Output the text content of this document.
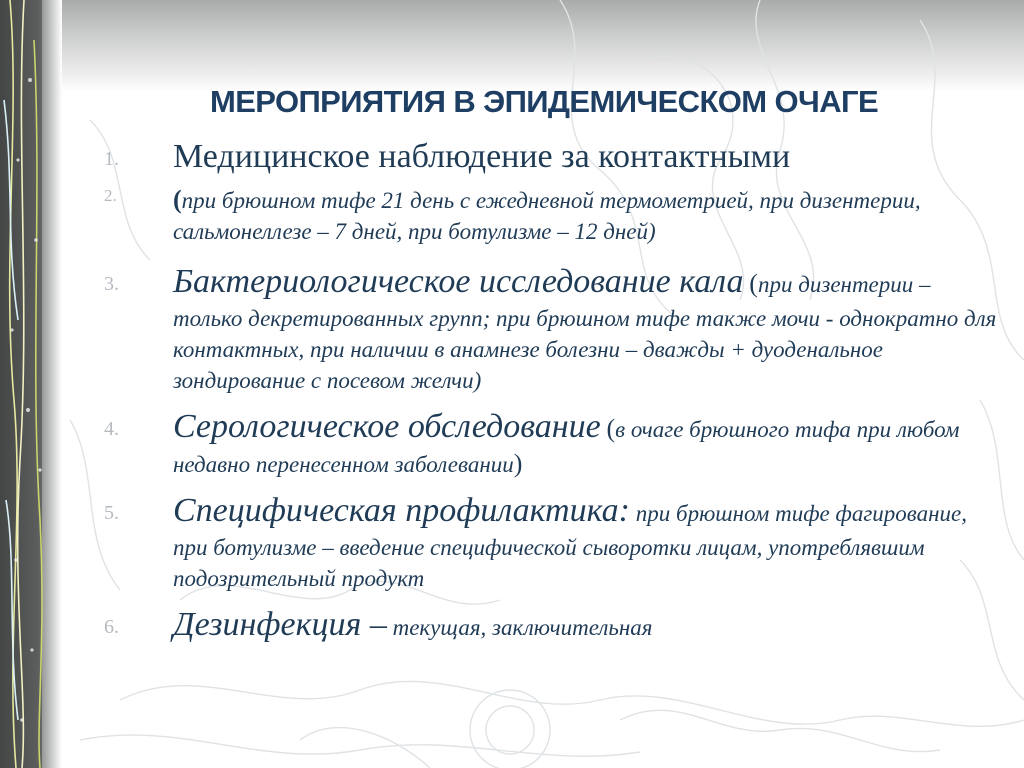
МЕРОПРИЯТИЯ В ЭПИДЕМИЧЕСКОМ ОЧАГЕ
1. Медицинское наблюдение за контактными
2. (при брюшном тифе 21 день с ежедневной термометрией, при дизентерии, сальмонеллезе – 7 дней, при ботулизме – 12 дней)
3. Бактериологическое исследование кала (при дизентерии – только декретированных групп; при брюшном тифе также мочи - однократно для контактных, при наличии в анамнезе болезни – дважды + дуоденальное зондирование с посевом желчи)
4. Серологическое обследование (в очаге брюшного тифа при любом недавно перенесенном заболевании)
5. Специфическая профилактика: при брюшном тифе фагирование, при ботулизме – введение специфической сыворотки лицам, употреблявшим подозрительный продукт
6. Дезинфекция – текущая, заключительная
